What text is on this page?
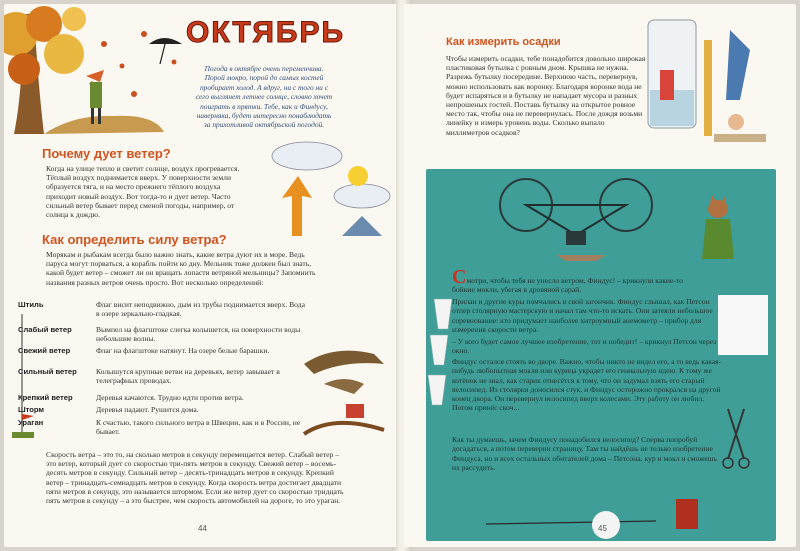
ОКТЯБРЬ
Погода в октябре очень переменчива. Порой мокро, порой до самых костей пробирает холод. А вдруг, ни с того ни с сего выглянет летнее солнце, словно хочет поиграть в прятки. Тебе, как и Финдусу, наверняка, будет интересно понаблюдать за прихотливой октябрьской погодой.
Почему дует ветер?
Когда на улице тепло и светит солнце, воздух прогревается. Тёплый воздух поднимается вверх. У поверхности земли образуется тяга, и на место прежнего тёплого воздуха приходит новый воздух. Вот тогда-то и дует ветер. Часто сильный ветер бывает перед сменой погоды, например, от солнца к дождю.
Как определить силу ветра?
Морякам и рыбакам всегда было важно знать, какие ветра дуют их в море. Ведь паруса могут порваться, а корабль пойти ко дну. Мельник тоже должен был знать, какой будет ветер – сможет ли он вращать лопасти ветряной мельницы? Запомнить названия разных ветров очень просто. Вот несколько определений:
Штиль	Флаг висит неподвижно, дым из трубы поднимается вверх. Вода в озере зеркально-гладкая.
Слабый ветер	Вымпел на флагштоке слегка колышется, на поверхности воды небольшие волны.
Свежий ветер	Флаг на флагштоке натянут. На озере белые барашки.
Сильный ветер	Колышутся крупные ветви на деревьях, ветер завывает в телеграфных проводах.
Крепкий ветер	Деревья качаются. Трудно идти против ветра.
Шторм	Деревья падают. Рушится дома.
Ураган	К счастью, такого сильного ветра в Швеции, как и в России, не бывает.
Скорость ветра – это то, на сколько метров в секунду перемещается ветер. Слабый ветер – это ветер, который дует со скоростью три-пять метров в секунду. Свежий ветер – восемь-десять метров в секунду. Сильный ветер – десять-тринадцать метров в секунду. Крепкий ветер – тринадцать-семнадцать метров в секунду. Когда скорость ветра достигает двадцати пяти метров в секунду, это называется штормом. Если же ветер дует со скоростью тридцать пять метров в секунду – а это быстрее, чем скорость автомобилей на дороге, то это ураган.
44
Как измерить осадки
Чтобы измерить осадки, тебе понадобится довольно широкая пластиковая бутылка с ровным дном. Крышка не нужна. Разрежь бутылку посередине. Верхнюю часть, перевернув, можно использовать как воронку. Благодаря воронке вода не будет испаряться и в бутылку не нападает мусора и разных непрошеных гостей. Поставь бутылку на открытое ровное место так, чтобы она не перевернулась. После дождя возьми линейку и измерь уровень воды. Сколько выпало миллиметров осадков?
Смотри, чтобы тебя не унесло ветром, Финдус! – крикнули какие-то бойкие мокли, убегая в дровяной сарай.
Прилан и другие куры помчались в свой загончик. Финдус слышал, как Петсон отпер столярную мастерскую и начал там что-то искать. Они затеяли небольшое соревнование: кто придумает наиболее хитроумный анемометр – прибор для измерения скорости ветра.
– У кого будет самое лучшее изобретение, тот и победит! – крикнул Петсон через окно.
Финдус остался стоять во дворе. Важно, чтобы никто не видел его, а то ведь какая-нибудь любопытная мокля или курица украдет его гениальную идею. К тому же котёнок не знал, как старик отнесётся к тому, что он задумал взять его старый велосипед. Из столярки доносился стук, и Финдус осторожно прокрался на другой конец двора. Он перевернул велосипед вверх колесами. Эту работу он любил. Потом принёс скоч...
Как ты думаешь, зачем Финдусу понадобился велосипед? Сперва попробуй догадаться, а потом переверни страницу. Там ты найдёшь не только изобретение Финдуса, но и всех остальных обитателей дома – Петсона, кур и мокл и сможешь их рассудить.
45
